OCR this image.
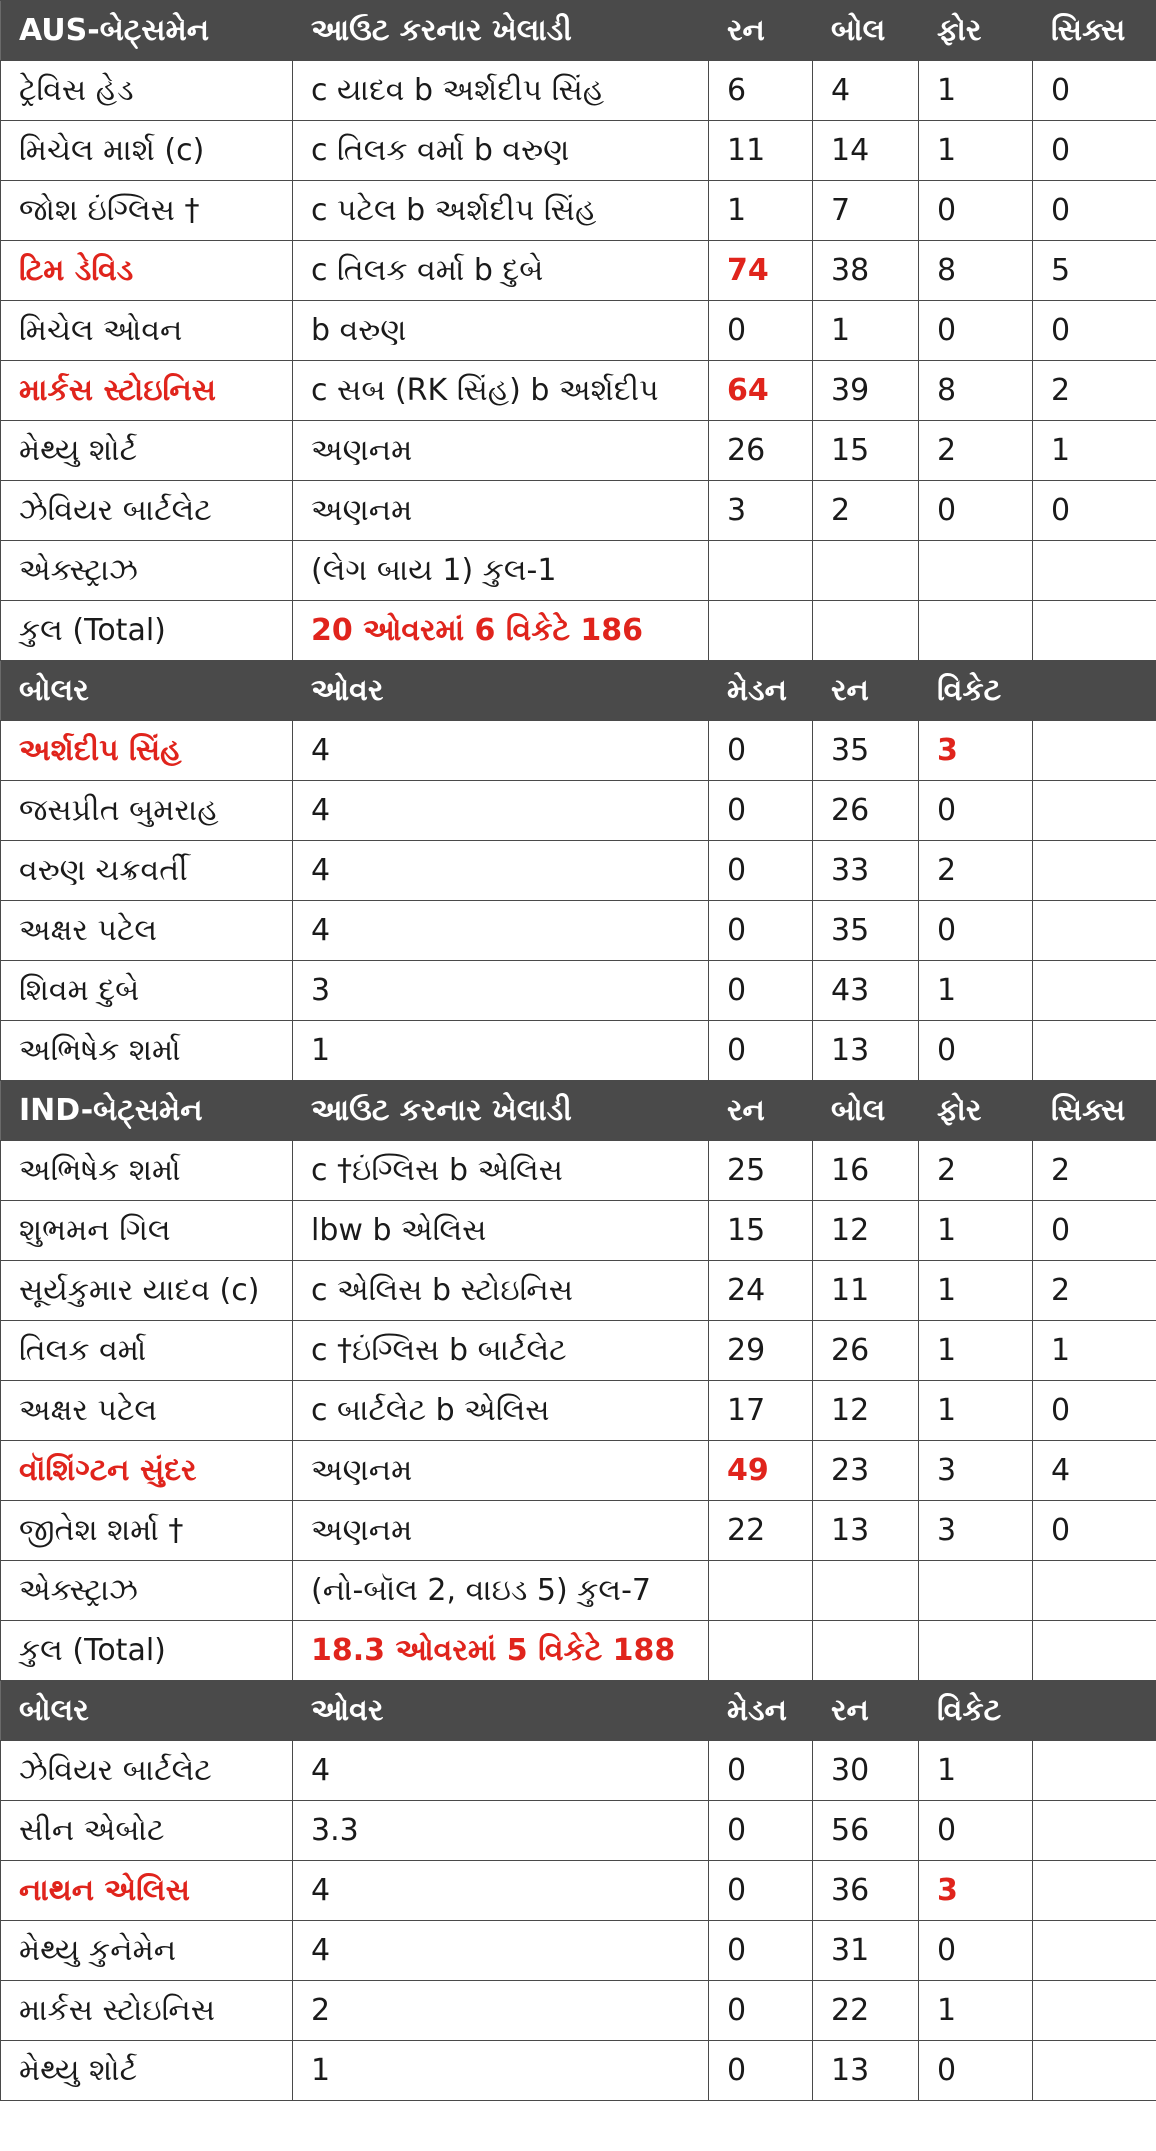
AUS-બેટ્સમેન	આઉટ કરનાર ખેલાડી	રન	બોલ	ફોર	સિક્સ
ટ્રેવિસ હેડ	c યાદવ b અર્શદીપ સિંહ	6	4	1	0
મિચેલ માર્શ (c)	c તિલક વર્મા b વરુણ	11	14	1	0
જોશ ઇંગ્લિસ †	c પટેલ b અર્શદીપ સિંહ	1	7	0	0
ટિમ ડેવિડ	c તિલક વર્મા b દુબે	74	38	8	5
મિચેલ ઓવન	b વરુણ	0	1	0	0
માર્કસ સ્ટોઇનિસ	c સબ (RK સિંહ) b અર્શદીપ	64	39	8	2
મેથ્યુ શોર્ટ	અણનમ	26	15	2	1
ઝેવિયર બાર્ટલેટ	અણનમ	3	2	0	0
એક્સ્ટ્રાઝ	(લેગ બાય 1) કુલ-1				
કુલ (Total)	20 ઓવરમાં 6 વિકેટે 186				
બોલર	ઓવર	મેડન	રન	વિકેટ	
અર્શદીપ સિંહ	4	0	35	3	
જસપ્રીત બુમરાહ	4	0	26	0	
વરુણ ચક્રવર્તી	4	0	33	2	
અક્ષર પટેલ	4	0	35	0	
શિવમ દુબે	3	0	43	1	
અભિષેક શર્મા	1	0	13	0	
IND-બેટ્સમેન	આઉટ કરનાર ખેલાડી	રન	બોલ	ફોર	સિક્સ
અભિષેક શર્મા	c †ઇંગ્લિસ b એલિસ	25	16	2	2
શુભમન ગિલ	lbw b એલિસ	15	12	1	0
સૂર્યકુમાર યાદવ (c)	c એલિસ b સ્ટોઇનિસ	24	11	1	2
તિલક વર્મા	c †ઇંગ્લિસ b બાર્ટલેટ	29	26	1	1
અક્ષર પટેલ	c બાર્ટલેટ b એલિસ	17	12	1	0
વૉશિંગ્ટન સુંદર	અણનમ	49	23	3	4
જીતેશ શર્મા †	અણનમ	22	13	3	0
એક્સ્ટ્રાઝ	(નો-બૉલ 2, વાઇડ 5) કુલ-7				
કુલ (Total)	18.3 ઓવરમાં 5 વિકેટે 188				
બોલર	ઓવર	મેડન	રન	વિકેટ	
ઝેવિયર બાર્ટલેટ	4	0	30	1	
સીન એબોટ	3.3	0	56	0	
નાથન એલિસ	4	0	36	3	
મેથ્યુ કુનેમેન	4	0	31	0	
માર્કસ સ્ટોઇનિસ	2	0	22	1	
મેથ્યુ શોર્ટ	1	0	13	0	
